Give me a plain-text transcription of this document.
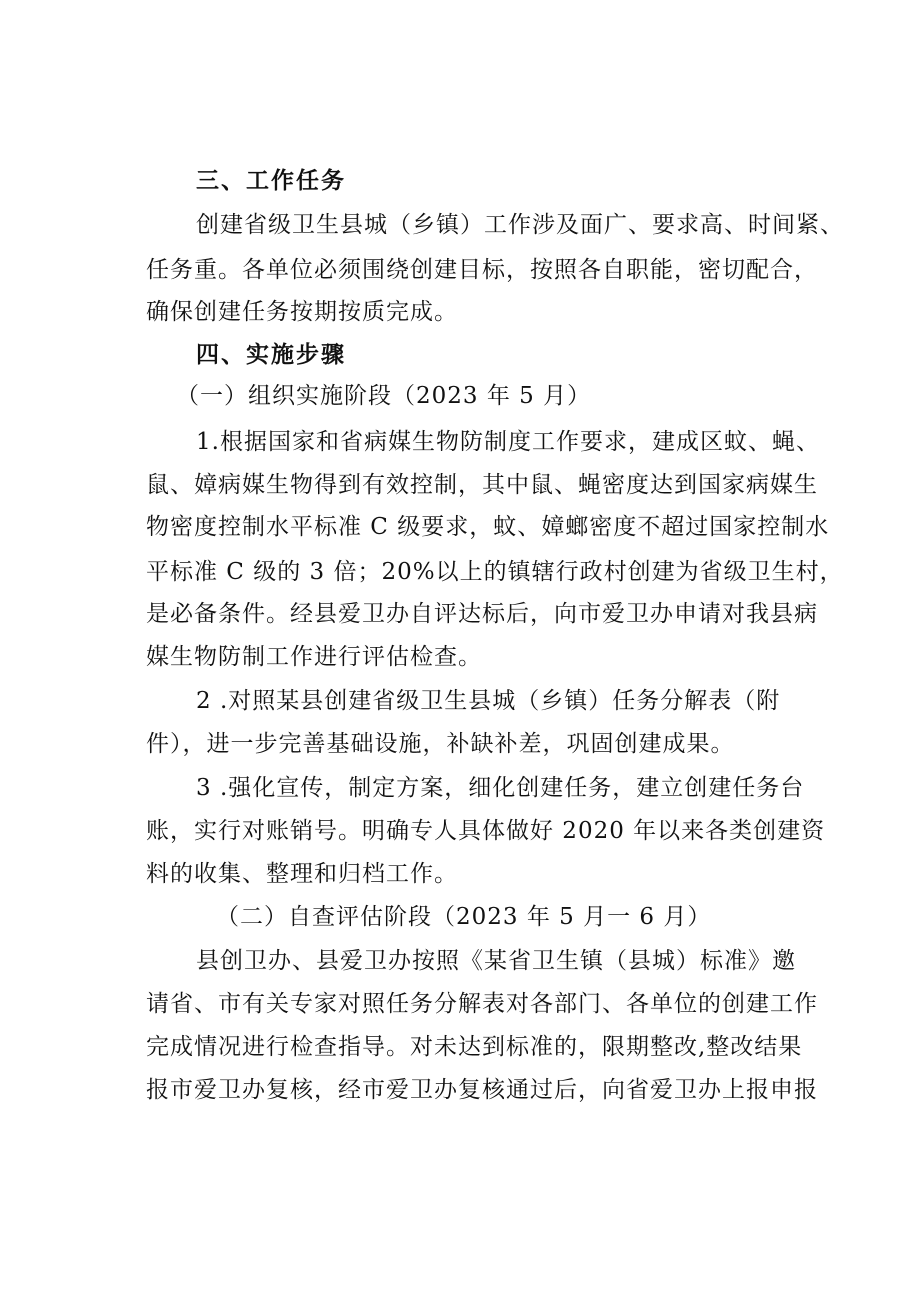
三、工作任务
创建省级卫生县城（乡镇）工作涉及面广、要求高、时间紧、
任务重。各单位必须围绕创建目标，按照各自职能，密切配合，
确保创建任务按期按质完成。
四、实施步骤
（一）组织实施阶段（2023 年 5 月）
1.根据国家和省病媒生物防制度工作要求，建成区蚊、蝇、
鼠、嫜病媒生物得到有效控制，其中鼠、蝇密度达到国家病媒生
物密度控制水平标准 C 级要求，蚊、嫜螂密度不超过国家控制水
平标准 C 级的 3 倍；20%以上的镇辖行政村创建为省级卫生村，
是必备条件。经县爱卫办自评达标后，向市爱卫办申请对我县病
媒生物防制工作进行评估检查。
2 .对照某县创建省级卫生县城（乡镇）任务分解表（附
件），进一步完善基础设施，补缺补差，巩固创建成果。
3 .强化宣传，制定方案，细化创建任务，建立创建任务台
账，实行对账销号。明确专人具体做好 2020 年以来各类创建资
料的收集、整理和归档工作。
（二）自查评估阶段（2023 年 5 月一 6 月）
县创卫办、县爱卫办按照《某省卫生镇（县城）标准》邀
请省、市有关专家对照任务分解表对各部门、各单位的创建工作
完成情况进行检查指导。对未达到标准的，限期整改,整改结果
报市爱卫办复核，经市爱卫办复核通过后，向省爱卫办上报申报
